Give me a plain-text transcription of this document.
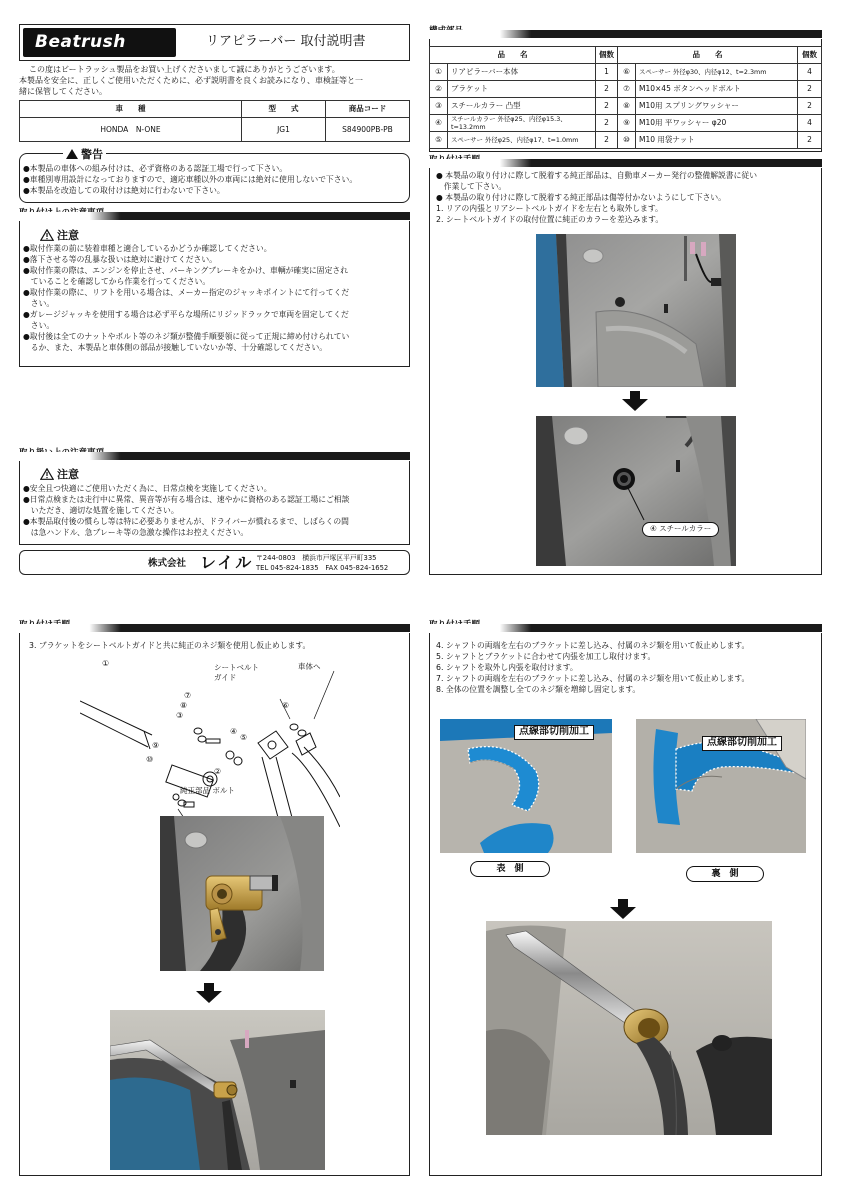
Beatrush	リアピラーバー 取付説明書
この度はビートラッシュ製品をお買い上げくださいまして誠にありがとうございます。
本製品を安全に、正しくご使用いただくために、必ず説明書を良くお読みになり、車検証等と一
緒に保管してください。
車　　種	型　　式	商品コード
HONDA　N-ONE	JG1	S84900PB-PB
警告
●本製品の車体への組み付けは、必ず資格のある認証工場で行って下さい。
●車種別専用設計になっておりますので、適応車種以外の車両には絶対に使用しないで下さい。
●本製品を改造しての取付けは絶対に行わないで下さい。
注意
●取付作業の前に装着車種と適合しているかどうか確認してください。
●落下させる等の乱暴な扱いは絶対に避けてください。
●取付作業の際は、エンジンを停止させ、パーキングブレーキをかけ、車輌が確実に固定され
　ていることを確認してから作業を行ってください。
●取付作業の際に、リフトを用いる場合は、メーカー指定のジャッキポイントにて行ってくだ
　さい。
●ガレージジャッキを使用する場合は必ず平らな場所にリジッドラックで車両を固定してくだ
　さい。
●取付後は全てのナットやボルト等のネジ類が整備手順要領に従って正規に締め付けられてい
　るか、また、本製品と車体側の部品が接触していないか等、十分確認してください。
注意
●安全且つ快適にご使用いただく為に、日常点検を実施してください。
●日常点検または走行中に異常、異音等が有る場合は、速やかに資格のある認証工場にご相談
　いただき、適切な処置を施してください。
●本製品取付後の慣らし等は特に必要ありませんが、ドライバーが慣れるまで、しばらくの間
　は急ハンドル、急ブレーキ等の急激な操作はお控えください。
株式会社 レイル 〒244-0803　横浜市戸塚区平戸町335
TEL 045-824-1835　FAX 045-824-1652
品　　名		個数	品　　名		個数
①	リアピラーバー本体	1	⑥	スペーサー 外径φ30、内径φ12、t=2.3mm	4
②	ブラケット	2	⑦	M10×45 ボタンヘッドボルト	2
③	スチールカラー 凸型	2	⑧	M10用 スプリングワッシャー	2
④	スチールカラー 外径φ25、内径φ15.3、t=13.2mm	2	⑨	M10用 平ワッシャー φ20	4
⑤	スペーサー 外径φ25、内径φ17、t=1.0mm	2	⑩	M10 用袋ナット	2
● 本製品の取り付けに際して脱着する純正部品は、自動車メーカー発行の整備解説書に従い
　作業して下さい。
● 本製品の取り付けに際して脱着する純正部品は傷等付かないようにして下さい。
1. リアの内張とリアシートベルトガイドを左右とも取外します。
2. シートベルトガイドの取付位置に純正のカラーを差込みます。
④ スチールカラー
3. ブラケットをシートベルトガイドと共に純正のネジ類を使用し仮止めします。
①
⑦
⑧
③
④
⑤
⑥
②
⑨
⑩
シートベルト
ガイド
車体へ
純正部品 ボルト
4. シャフトの両端を左右のブラケットに差し込み、付属のネジ類を用いて仮止めします。
5. シャフトとブラケットに合わせて内張を加工し取付けます。
6. シャフトを取外し内張を取付けます。
7. シャフトの両端を左右のブラケットに差し込み、付属のネジ類を用いて仮止めします。
8. 全体の位置を調整し全てのネジ類を増締し固定します。
点線部切削加工
表　側
点線部切削加工
裏　側
